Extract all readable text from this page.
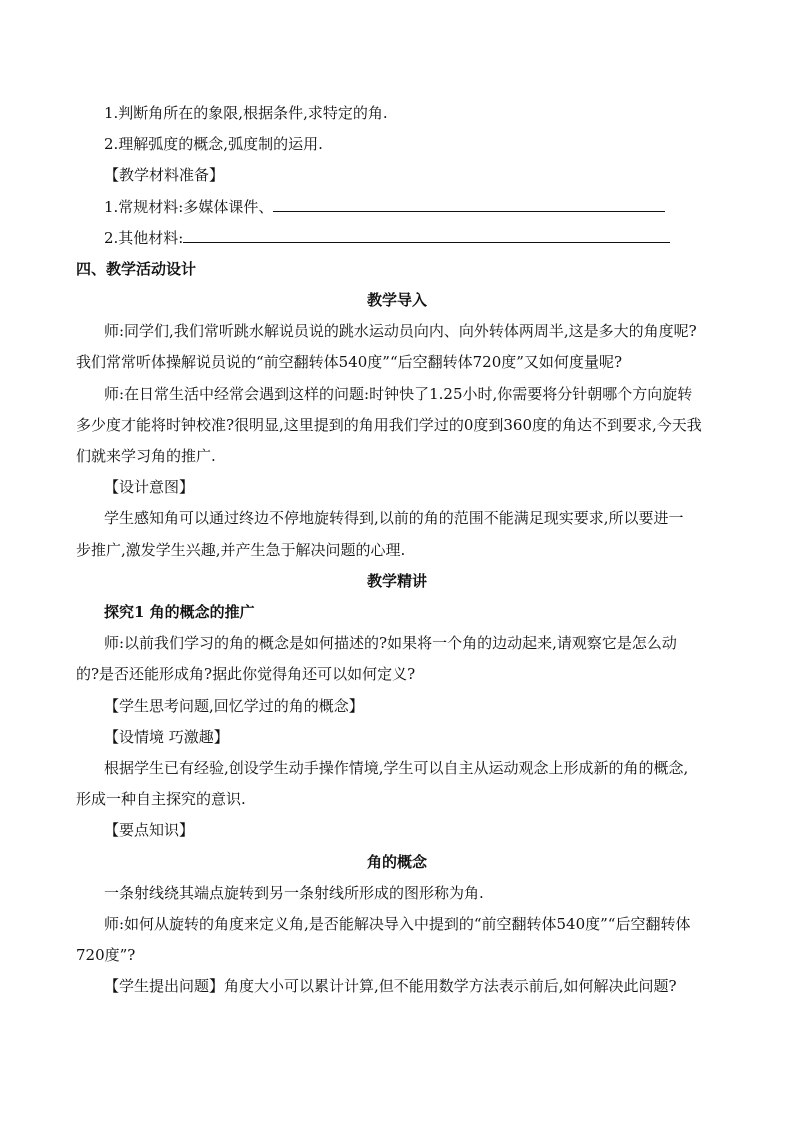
1.判断角所在的象限,根据条件,求特定的角.
2.理解弧度的概念,弧度制的运用.
【教学材料准备】
1.常规材料:多媒体课件、
2.其他材料:
四、教学活动设计
教学导入
师:同学们,我们常听跳水解说员说的跳水运动员向内、向外转体两周半,这是多大的角度呢?
我们常常听体操解说员说的“前空翻转体540度”“后空翻转体720度”又如何度量呢?
师:在日常生活中经常会遇到这样的问题:时钟快了1.25小时,你需要将分针朝哪个方向旋转
多少度才能将时钟校准?很明显,这里提到的角用我们学过的0度到360度的角达不到要求,今天我
们就来学习角的推广.
【设计意图】
学生感知角可以通过终边不停地旋转得到,以前的角的范围不能满足现实要求,所以要进一
步推广,激发学生兴趣,并产生急于解决问题的心理.
教学精讲
探究1 角的概念的推广
师:以前我们学习的角的概念是如何描述的?如果将一个角的边动起来,请观察它是怎么动
的?是否还能形成角?据此你觉得角还可以如何定义?
【学生思考问题,回忆学过的角的概念】
【设情境 巧激趣】
根据学生已有经验,创设学生动手操作情境,学生可以自主从运动观念上形成新的角的概念,
形成一种自主探究的意识.
【要点知识】
角的概念
一条射线绕其端点旋转到另一条射线所形成的图形称为角.
师:如何从旋转的角度来定义角,是否能解决导入中提到的“前空翻转体540度”“后空翻转体
720度”?
【学生提出问题】角度大小可以累计计算,但不能用数学方法表示前后,如何解决此问题?
